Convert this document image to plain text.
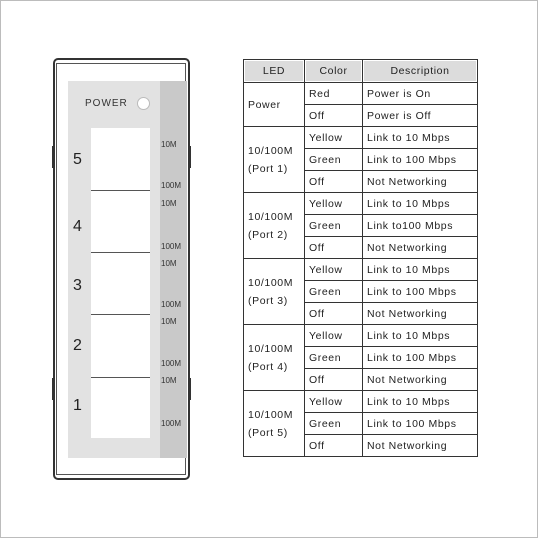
POWER
5
4
3
2
1
10M
100M
10M
100M
10M
100M
10M
100M
10M
100M
LED	Color	Description
Power	Red	Power is On
	Off	Power is Off
10/100M
(Port 1)	Yellow	Link to 10 Mbps
	Green	Link to 100 Mbps
	Off	Not Networking
10/100M
(Port 2)	Yellow	Link to 10 Mbps
	Green	Link to100 Mbps
	Off	Not Networking
10/100M
(Port 3)	Yellow	Link to 10 Mbps
	Green	Link to 100 Mbps
	Off	Not Networking
10/100M
(Port 4)	Yellow	Link to 10 Mbps
	Green	Link to 100 Mbps
	Off	Not Networking
10/100M
(Port 5)	Yellow	Link to 10 Mbps
	Green	Link to 100 Mbps
	Off	Not Networking
